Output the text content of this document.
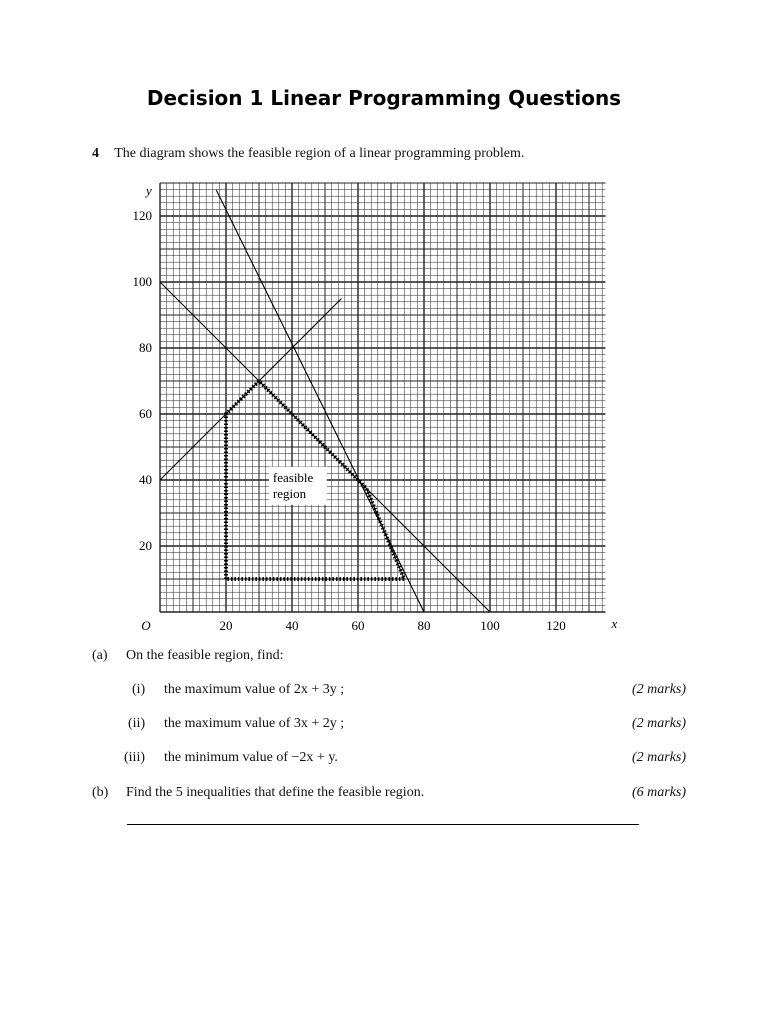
Decision 1 Linear Programming Questions
4 The diagram shows the feasible region of a linear programming problem.
20	40	60	80	100	120
20
40
60
80
100
120
O	x
y
feasible
region
(a) On the feasible region, find:
(i) the maximum value of 2x + 3y ;	(2 marks)
(ii) the maximum value of 3x + 2y ;	(2 marks)
(iii) the minimum value of −2x + y.	(2 marks)
(b) Find the 5 inequalities that define the feasible region.	(6 marks)
